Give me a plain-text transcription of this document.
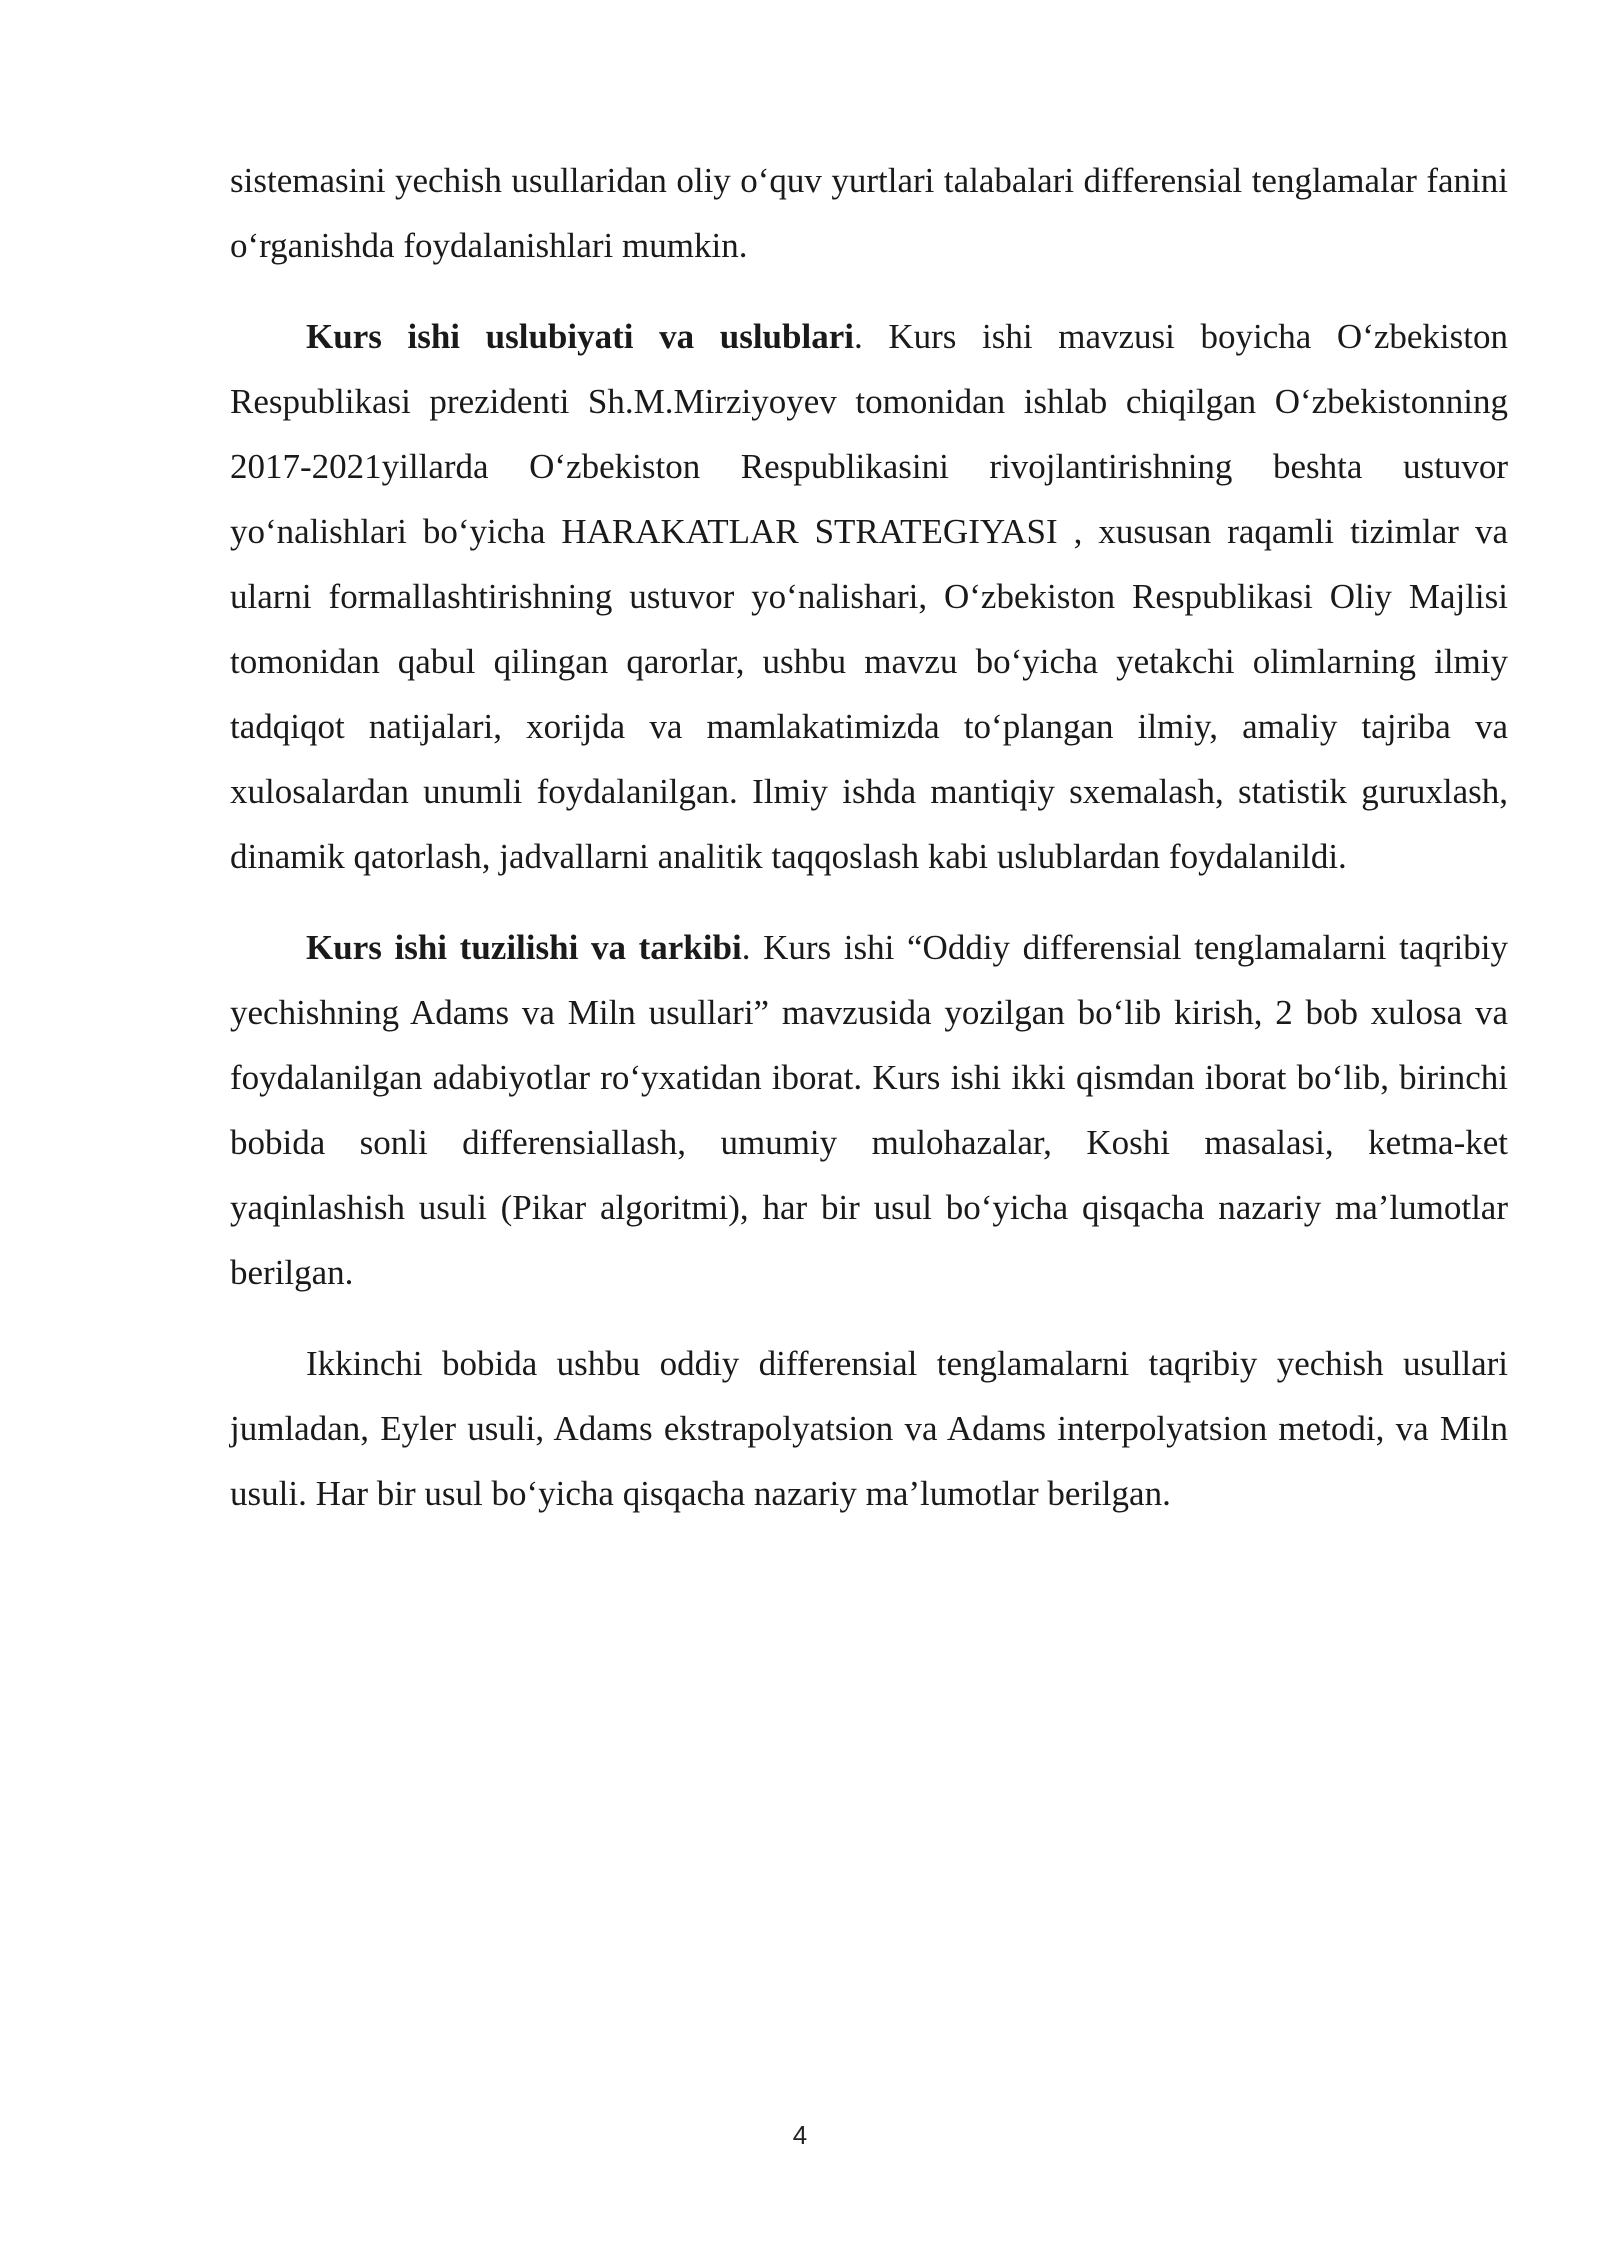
sistemasini yechish usullaridan oliy o‘quv yurtlari talabalari differensial tenglamalar fanini o‘rganishda foydalanishlari mumkin.

Kurs ishi uslubiyati va uslublari. Kurs ishi mavzusi boyicha O‘zbekiston Respublikasi prezidenti Sh.M.Mirziyoyev tomonidan ishlab chiqilgan O‘zbekistonning 2017-2021yillarda O‘zbekiston Respublikasini rivojlantirishning beshta ustuvor yo‘nalishlari bo‘yicha HARAKATLAR STRATEGIYASI , xususan raqamli tizimlar va ularni formallashtirishning ustuvor yo‘nalishari, O‘zbekiston Respublikasi Oliy Majlisi tomonidan qabul qilingan qarorlar, ushbu mavzu bo‘yicha yetakchi olimlarning ilmiy tadqiqot natijalari, xorijda va mamlakatimizda to‘plangan ilmiy, amaliy tajriba va xulosalardan unumli foydalanilgan. Ilmiy ishda mantiqiy sxemalash, statistik guruxlash, dinamik qatorlash, jadvallarni analitik taqqoslash kabi uslublardan foydalanildi.

Kurs ishi tuzilishi va tarkibi. Kurs ishi “Oddiy differensial tenglamalarni taqribiy yechishning Adams va Miln usullari” mavzusida yozilgan bo‘lib kirish, 2 bob xulosa va foydalanilgan adabiyotlar ro‘yxatidan iborat. Kurs ishi ikki qismdan iborat bo‘lib, birinchi bobida sonli differensiallash, umumiy mulohazalar, Koshi masalasi, ketma-ket yaqinlashish usuli (Pikar algoritmi), har bir usul bo‘yicha qisqacha nazariy ma’lumotlar berilgan.

Ikkinchi bobida ushbu oddiy differensial tenglamalarni taqribiy yechish usullari jumladan, Eyler usuli, Adams ekstrapolyatsion va Adams interpolyatsion metodi, va Miln usuli. Har bir usul bo‘yicha qisqacha nazariy ma’lumotlar berilgan.

4
